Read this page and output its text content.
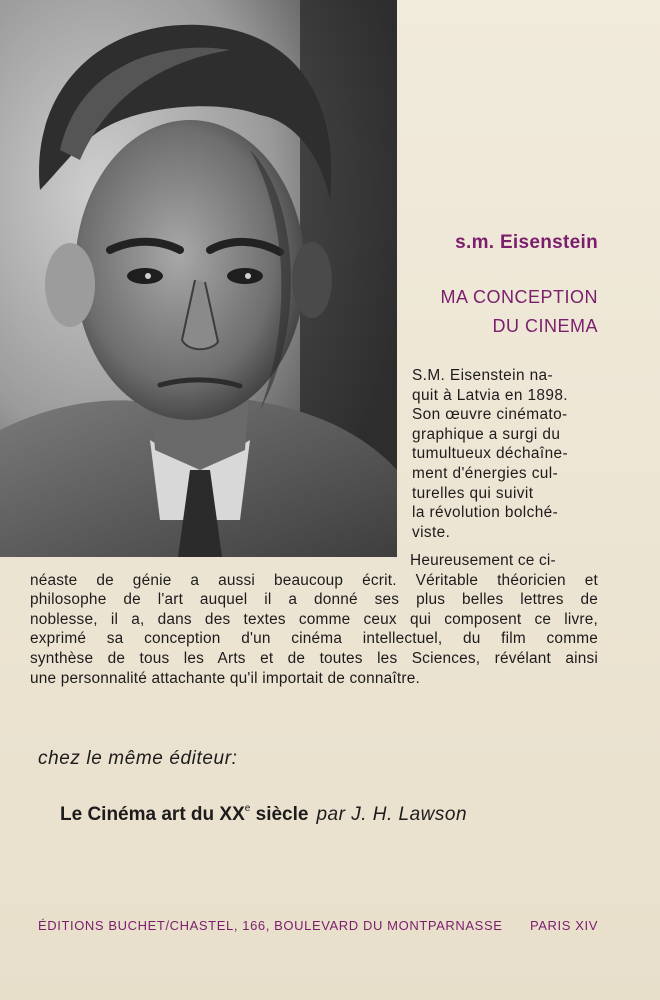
s.m. Eisenstein
MA CONCEPTION
DU CINEMA
S.M. Eisenstein na-
quit à Latvia en 1898.
Son œuvre cinémato-
graphique a surgi du
tumultueux déchaîne-
ment d'énergies cul-
turelles qui suivit
la révolution bolché-
viste.
Heureusement ce ci-
néaste de génie a aussi beaucoup écrit. Véritable théoricien et
philosophe de l'art auquel il a donné ses plus belles lettres de
noblesse, il a, dans des textes comme ceux qui composent ce livre,
exprimé sa conception d'un cinéma intellectuel, du film comme
synthèse de tous les Arts et de toutes les Sciences, révélant ainsi
une personnalité attachante qu'il importait de connaître.
chez le même éditeur:
Le Cinéma art du XXe siècle par J. H. Lawson
ÉDITIONS BUCHET/CHASTEL, 166, BOULEVARD DU MONTPARNASSE PARIS XIV
